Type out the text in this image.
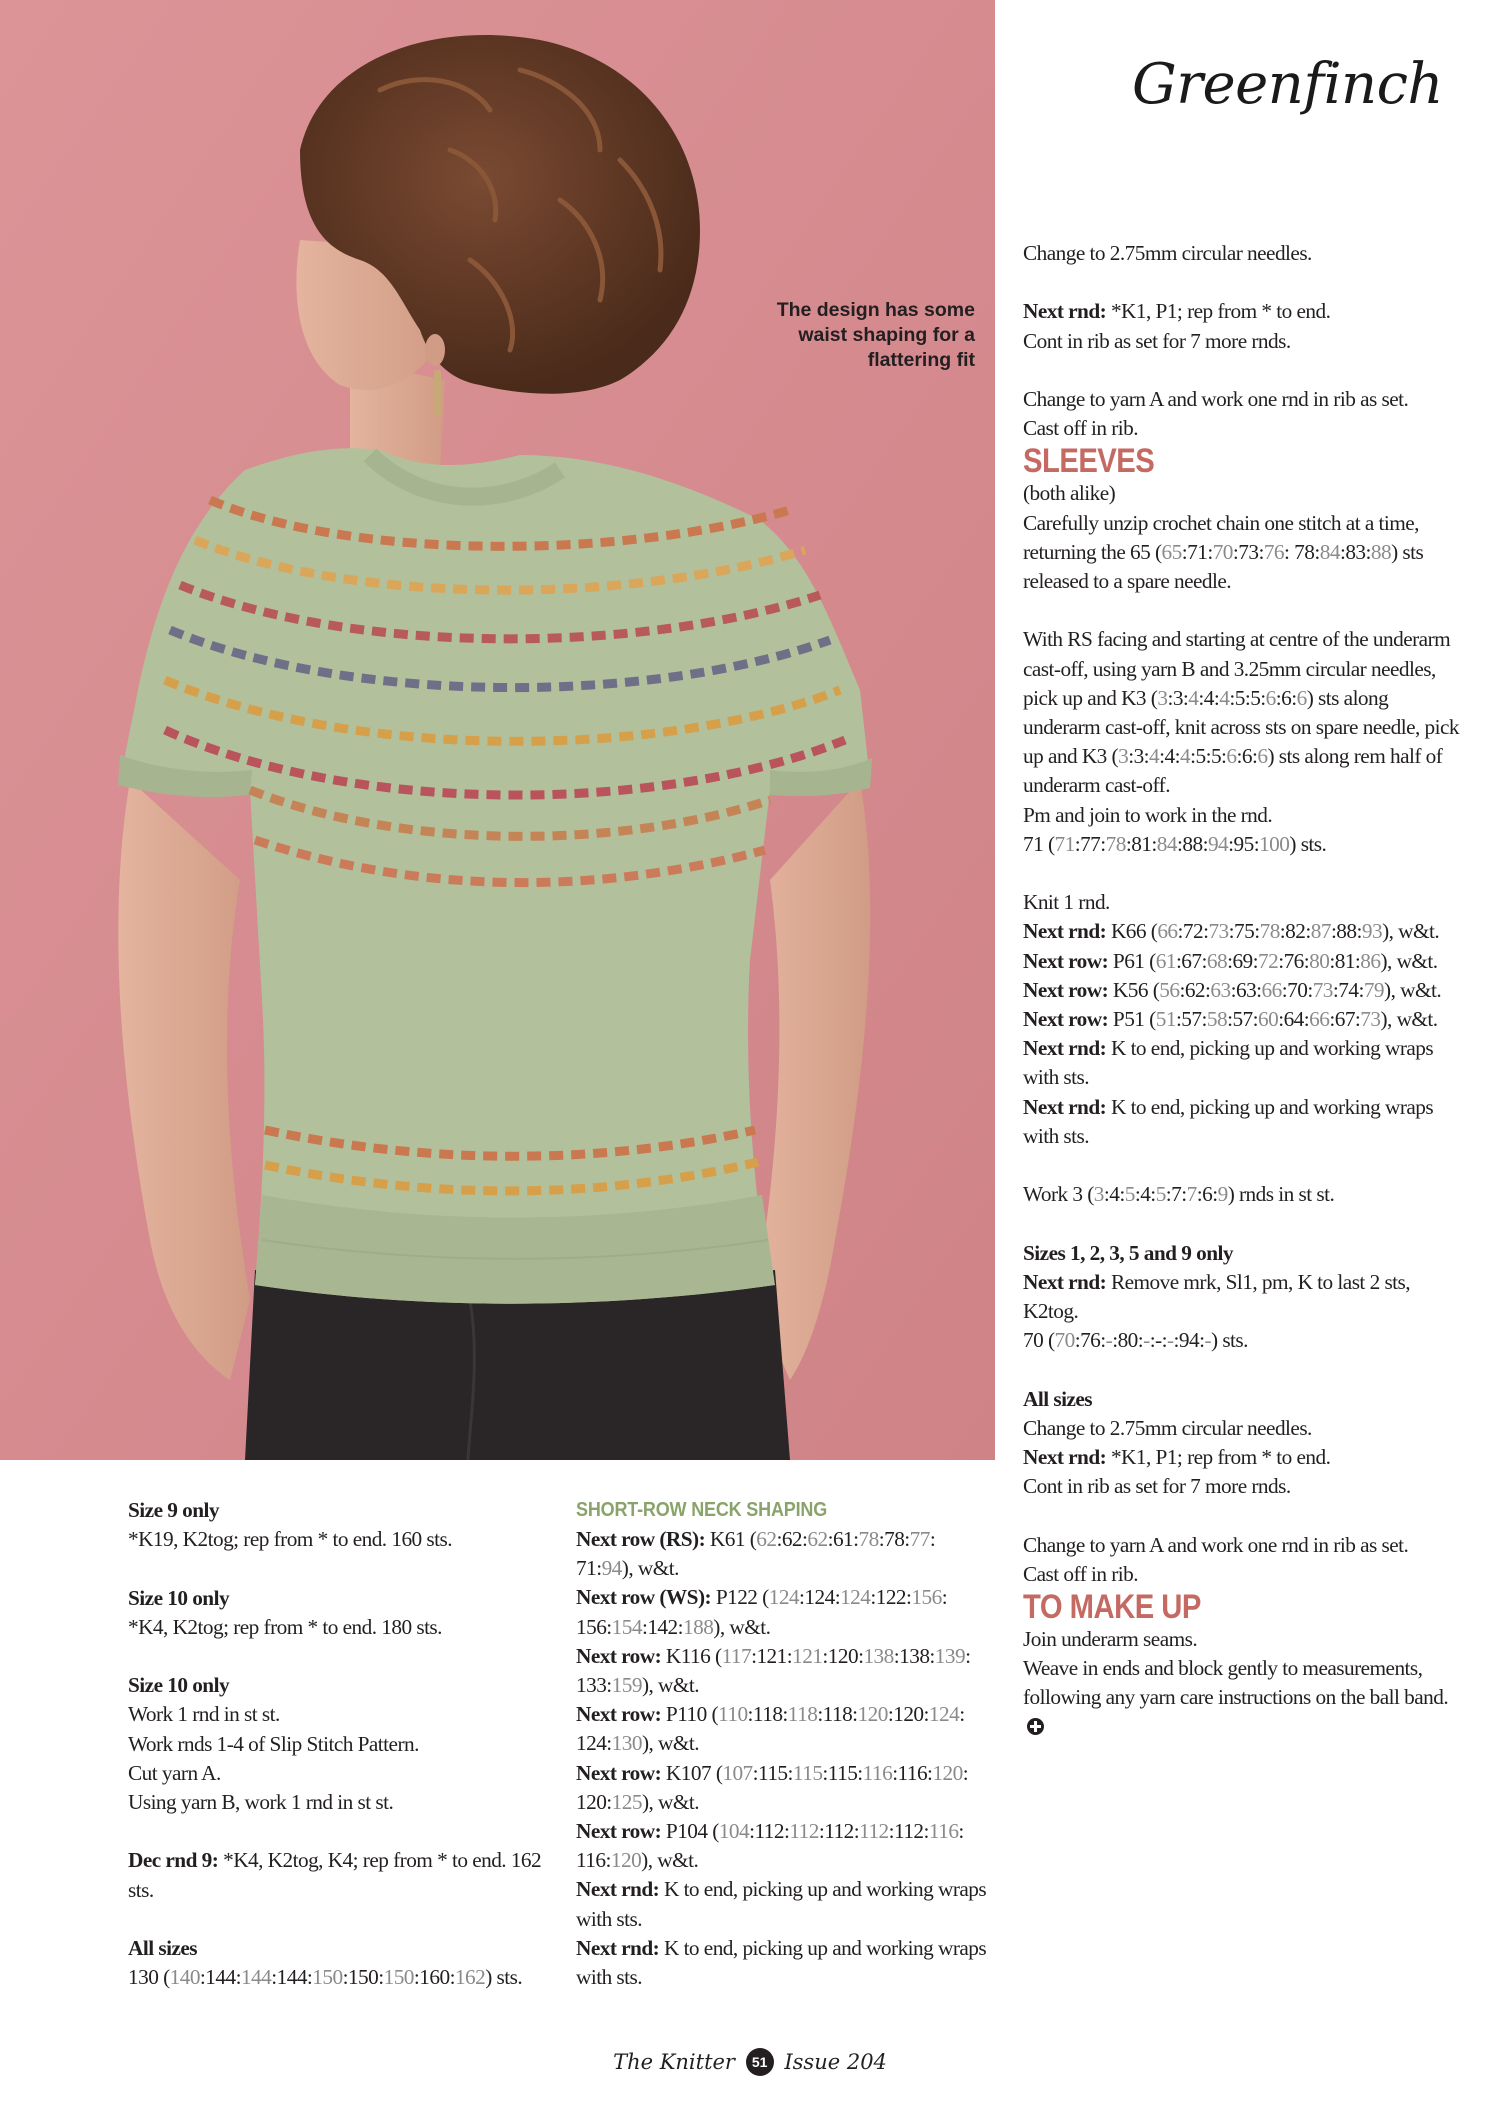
The design has some waist shaping for a flattering fit
Greenfinch

Change to 2.75mm circular needles.

Next rnd: *K1, P1; rep from * to end.

Cont in rib as set for 7 more rnds.

Change to yarn A and work one rnd in rib as set.

Cast off in rib.

SLEEVES

(both alike)

Carefully unzip crochet chain one stitch at a time, returning the 65 (65:71:70:73:76: 78:84:83:88) sts released to a spare needle.

With RS facing and starting at centre of the underarm cast-off, using yarn B and 3.25mm circular needles, pick up and K3 (3:3:4:4:4:5:5:6:6:6) sts along underarm cast-off, knit across sts on spare needle, pick up and K3 (3:3:4:4:4:5:5:6:6:6) sts along rem half of underarm cast-off.

Pm and join to work in the rnd.

71 (71:77:78:81:84:88:94:95:100) sts.

Knit 1 rnd.

Next rnd: K66 (66:72:73:75:78:82:87:88:93), w&t.

Next row: P61 (61:67:68:69:72:76:80:81:86), w&t.

Next row: K56 (56:62:63:63:66:70:73:74:79), w&t.

Next row: P51 (51:57:58:57:60:64:66:67:73), w&t.

Next rnd: K to end, picking up and working wraps with sts.

Next rnd: K to end, picking up and working wraps with sts.

Work 3 (3:4:5:4:5:7:7:6:9) rnds in st st.

Sizes 1, 2, 3, 5 and 9 only

Next rnd: Remove mrk, Sl1, pm, K to last 2 sts, K2tog.

70 (70:76:-:80:-:-:-:94:-) sts.

All sizes

Change to 2.75mm circular needles.

Next rnd: *K1, P1; rep from * to end.

Cont in rib as set for 7 more rnds.

Change to yarn A and work one rnd in rib as set.

Cast off in rib.

TO MAKE UP

Join underarm seams.

Weave in ends and block gently to measurements, following any yarn care instructions on the ball band.

Size 9 only

*K19, K2tog; rep from * to end. 160 sts.

Size 10 only

*K4, K2tog; rep from * to end. 180 sts.

Size 10 only

Work 1 rnd in st st.

Work rnds 1-4 of Slip Stitch Pattern.

Cut yarn A.

Using yarn B, work 1 rnd in st st.

Dec rnd 9: *K4, K2tog, K4; rep from * to end. 162 sts.

All sizes

130 (140:144:144:144:150:150:150:160:162) sts.

SHORT-ROW NECK SHAPING

Next row (RS): K61 (62:62:62:61:78:78:77: 71:94), w&t.

Next row (WS): P122 (124:124:124:122:156: 156:154:142:188), w&t.

Next row: K116 (117:121:121:120:138:138:139: 133:159), w&t.

Next row: P110 (110:118:118:118:120:120:124: 124:130), w&t.

Next row: K107 (107:115:115:115:116:116:120: 120:125), w&t.

Next row: P104 (104:112:112:112:112:112:116: 116:120), w&t.

Next rnd: K to end, picking up and working wraps with sts.

Next rnd: K to end, picking up and working wraps with sts.

The Knitter 51 Issue 204
